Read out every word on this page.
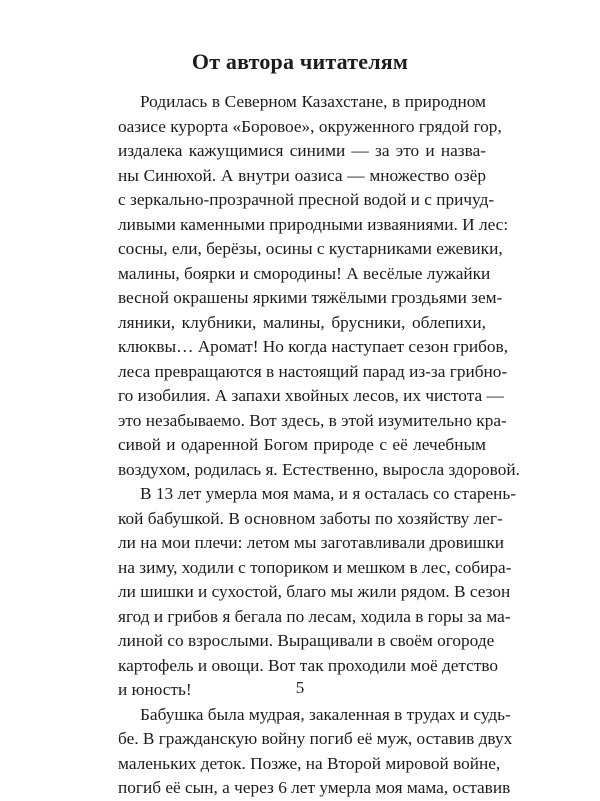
От автора читателям
Родилась в Северном Казахстане, в природном
оазисе курорта «Боровое», окруженного грядой гор,
издалека кажущимися синими — за это и назва-
ны Синюхой. А внутри оазиса — множество озёр
с зеркально-прозрачной пресной водой и с причуд-
ливыми каменными природными изваяниями. И лес:
сосны, ели, берёзы, осины с кустарниками ежевики,
малины, боярки и смородины! А весёлые лужайки
весной окрашены яркими тяжёлыми гроздьями зем-
ляники, клубники, малины, брусники, облепихи,
клюквы… Аромат! Но когда наступает сезон грибов,
леса превращаются в настоящий парад из-за грибно-
го изобилия. А запахи хвойных лесов, их чистота —
это незабываемо. Вот здесь, в этой изумительно кра-
сивой и одаренной Богом природе с её лечебным
воздухом, родилась я. Естественно, выросла здоровой.
В 13 лет умерла моя мама, и я осталась со старень-
кой бабушкой. В основном заботы по хозяйству лег-
ли на мои плечи: летом мы заготавливали дровишки
на зиму, ходили с топориком и мешком в лес, собира-
ли шишки и сухостой, благо мы жили рядом. В сезон
ягод и грибов я бегала по лесам, ходила в горы за ма-
линой со взрослыми. Выращивали в своём огороде
картофель и овощи. Вот так проходили моё детство
и юность!
Бабушка была мудрая, закаленная в трудах и судь-
бе. В гражданскую войну погиб её муж, оставив двух
маленьких деток. Позже, на Второй мировой войне,
погиб её сын, а через 6 лет умерла моя мама, оставив
5
